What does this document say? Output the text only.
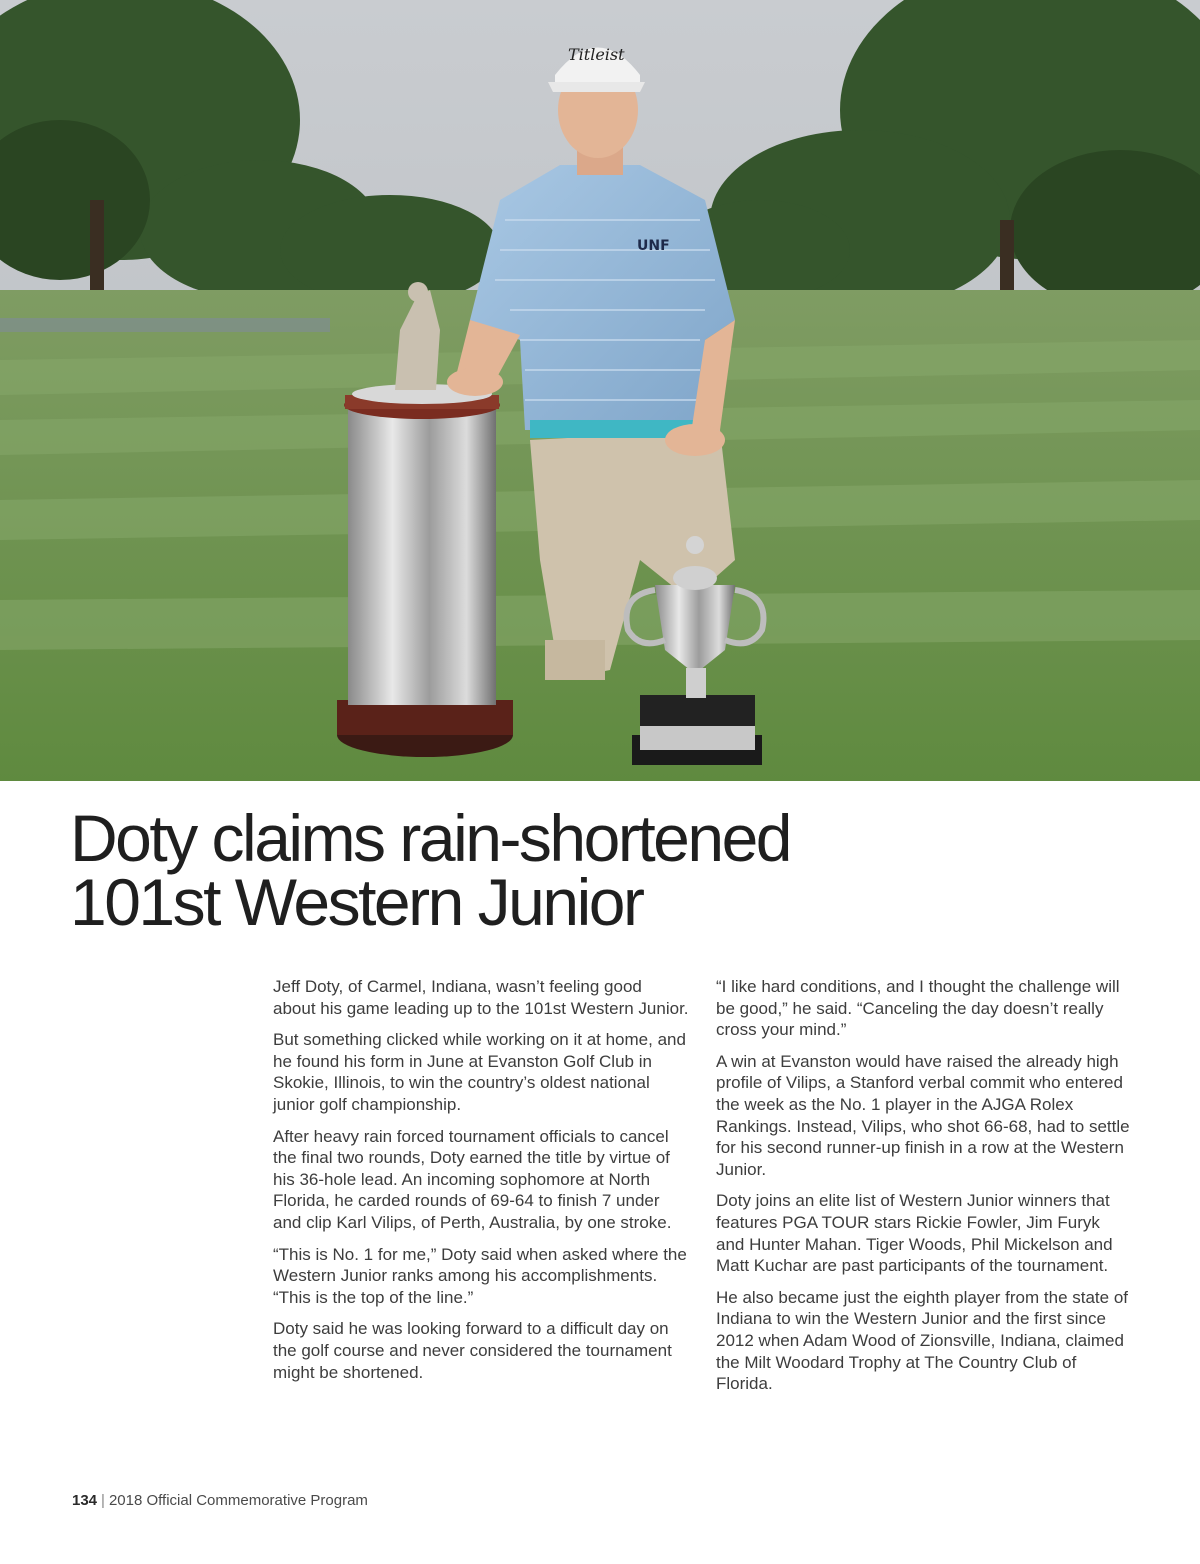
Titleist
UNF
Doty claims rain-shortened
101st Western Junior

Jeff Doty, of Carmel, Indiana, wasn’t feeling good about his game leading up to the 101st Western Junior.

But something clicked while working on it at home, and he found his form in June at Evanston Golf Club in Skokie, Illinois, to win the country’s oldest national junior golf championship.

After heavy rain forced tournament officials to cancel the final two rounds, Doty earned the title by virtue of his 36-hole lead. An incoming sophomore at North Florida, he carded rounds of 69-64 to finish 7 under and clip Karl Vilips, of Perth, Australia, by one stroke.

“This is No. 1 for me,” Doty said when asked where the Western Junior ranks among his accomplishments. “This is the top of the line.”

Doty said he was looking forward to a difficult day on the golf course and never considered the tournament might be shortened.

“I like hard conditions, and I thought the challenge will be good,” he said. “Canceling the day doesn’t really cross your mind.”

A win at Evanston would have raised the already high profile of Vilips, a Stanford verbal commit who entered the week as the No. 1 player in the AJGA Rolex Rankings. Instead, Vilips, who shot 66-68, had to settle for his second runner-up finish in a row at the Western Junior.

Doty joins an elite list of Western Junior winners that features PGA TOUR stars Rickie Fowler, Jim Furyk and Hunter Mahan. Tiger Woods, Phil Mickelson and Matt Kuchar are past participants of the tournament.

He also became just the eighth player from the state of Indiana to win the Western Junior and the first since 2012 when Adam Wood of Zionsville, Indiana, claimed the Milt Woodard Trophy at The Country Club of Florida.

134 | 2018 Official Commemorative Program
